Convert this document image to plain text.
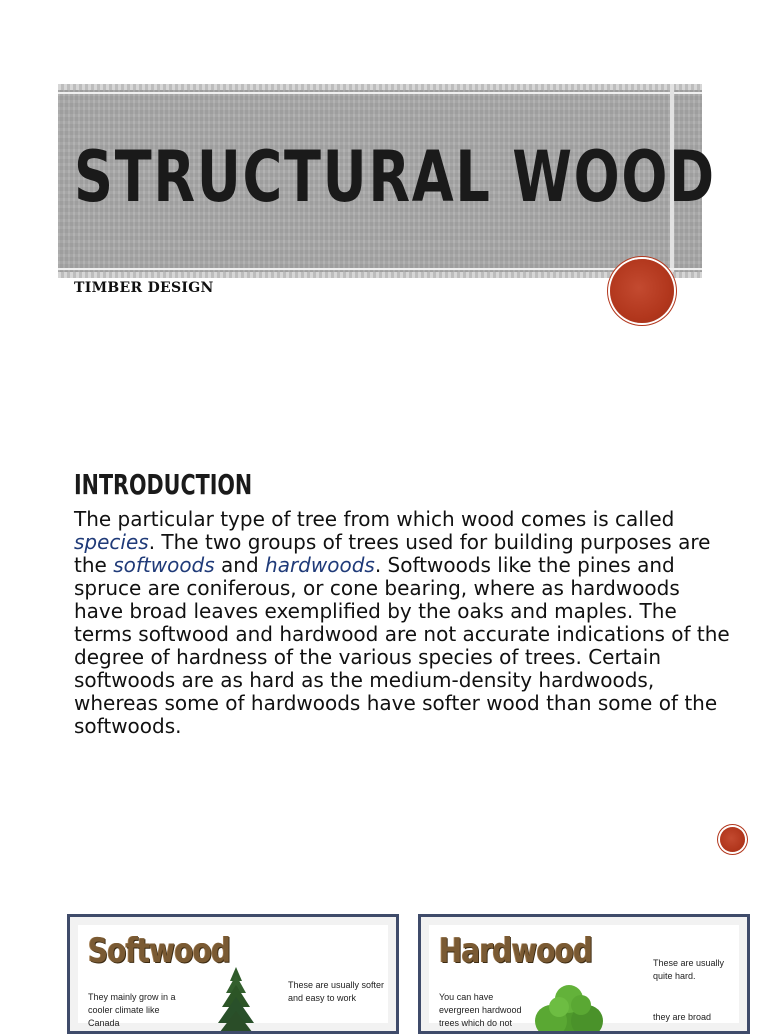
STRUCTURAL WOOD
TIMBER DESIGN
INTRODUCTION
The particular type of tree from which wood comes is called species. The two groups of trees used for building purposes are the softwoods and hardwoods. Softwoods like the pines and spruce are coniferous, or cone bearing, where as hardwoods have broad leaves exemplified by the oaks and maples. The terms softwood and hardwood are not accurate indications of the degree of hardness of the various species of trees. Certain softwoods are as hard as the medium-density hardwoods, whereas some of hardwoods have softer wood than some of the softwoods.
Softwood
They mainly grow in a cooler climate like Canada
These are usually softer and easy to work
Hardwood
You can have evergreen hardwood trees which do not
These are usually quite hard.
they are broad
